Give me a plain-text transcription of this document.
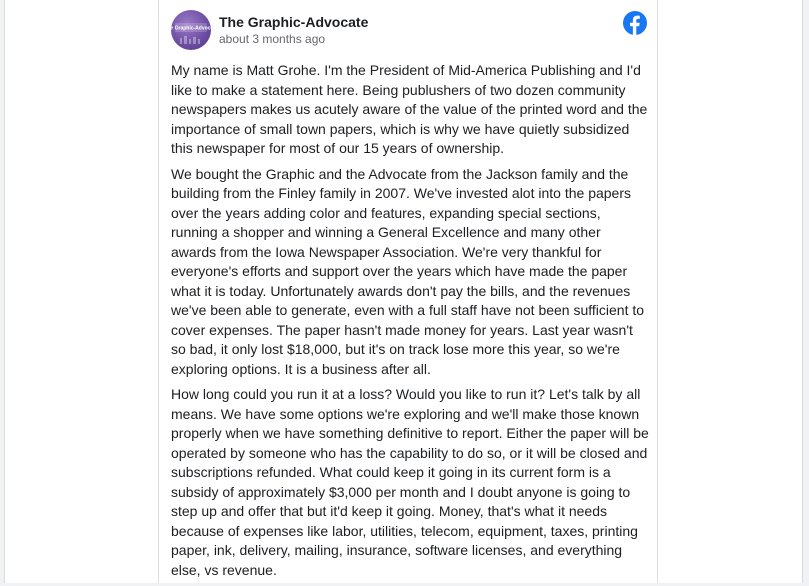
The Graphic-Advocate The Graphic-Advocate
about 3 months ago

My name is Matt Grohe. I'm the President of Mid-America Publishing and I'd like to make a statement here. Being publushers of two dozen community newspapers makes us acutely aware of the value of the printed word and the importance of small town papers, which is why we have quietly subsidized this newspaper for most of our 15 years of ownership.

We bought the Graphic and the Advocate from the Jackson family and the building from the Finley family in 2007. We've invested alot into the papers over the years adding color and features, expanding special sections, running a shopper and winning a General Excellence and many other awards from the Iowa Newspaper Association. We're very thankful for everyone's efforts and support over the years which have made the paper what it is today. Unfortunately awards don't pay the bills, and the revenues we've been able to generate, even with a full staff have not been sufficient to cover expenses. The paper hasn't made money for years. Last year wasn't so bad, it only lost $18,000, but it's on track lose more this year, so we're exploring options. It is a business after all.

How long could you run it at a loss? Would you like to run it? Let's talk by all means. We have some options we're exploring and we'll make those known properly when we have something definitive to report. Either the paper will be operated by someone who has the capability to do so, or it will be closed and subscriptions refunded. What could keep it going in its current form is a subsidy of approximately $3,000 per month and I doubt anyone is going to step up and offer that but it'd keep it going. Money, that's what it needs because of expenses like labor, utilities, telecom, equipment, taxes, printing paper, ink, delivery, mailing, insurance, software licenses, and everything else, vs revenue.
